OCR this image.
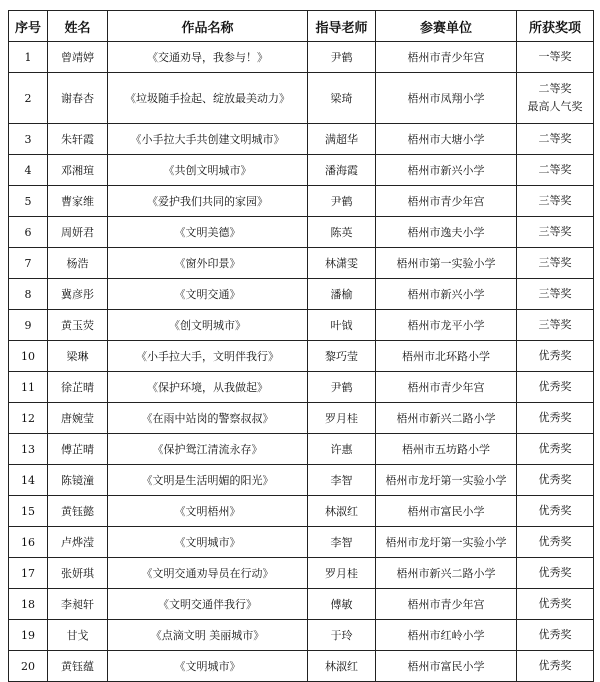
序号	姓名	作品名称	指导老师	参赛单位	所获奖项
1	曾靖婷	《交通劝导，我参与！》	尹鹤	梧州市青少年宫	一等奖

2	谢春杏	《垃圾随手捡起、绽放最美动力》	梁琦	梧州市凤翔小学	二等奖
最高人气奖

3	朱轩霞	《小手拉大手共创建文明城市》	满超华	梧州市大塘小学	二等奖

4	邓湘瑄	《共创文明城市》	潘海霞	梧州市新兴小学	二等奖

5	曹家维	《爱护我们共同的家园》	尹鹤	梧州市青少年宫	三等奖

6	周妍君	《文明美德》	陈英	梧州市逸夫小学	三等奖

7	杨浩	《窗外印景》	林潇雯	梧州市第一实验小学	三等奖

8	冀彦彤	《文明交通》	潘榆	梧州市新兴小学	三等奖

9	黄玉荧	《创文明城市》	叶钺	梧州市龙平小学	三等奖

10	梁琳	《小手拉大手，文明伴我行》	黎巧莹	梧州市北环路小学	优秀奖

11	徐芷晴	《保护环境，从我做起》	尹鹤	梧州市青少年宫	优秀奖

12	唐婉莹	《在雨中站岗的警察叔叔》	罗月桂	梧州市新兴二路小学	优秀奖

13	傅芷晴	《保护鸳江清流永存》	许惠	梧州市五坊路小学	优秀奖

14	陈镜潼	《文明是生活明媚的阳光》	李智	梧州市龙圩第一实验小学	优秀奖

15	黄钰懿	《文明梧州》	林淑红	梧州市富民小学	优秀奖

16	卢烨滢	《文明城市》	李智	梧州市龙圩第一实验小学	优秀奖

17	张妍琪	《文明交通劝导员在行动》	罗月桂	梧州市新兴二路小学	优秀奖

18	李昶轩	《文明交通伴我行》	傅敏	梧州市青少年宫	优秀奖

19	甘戈	《点滴文明 美丽城市》	于玲	梧州市红岭小学	优秀奖

20	黄钰蕴	《文明城市》	林淑红	梧州市富民小学	优秀奖
